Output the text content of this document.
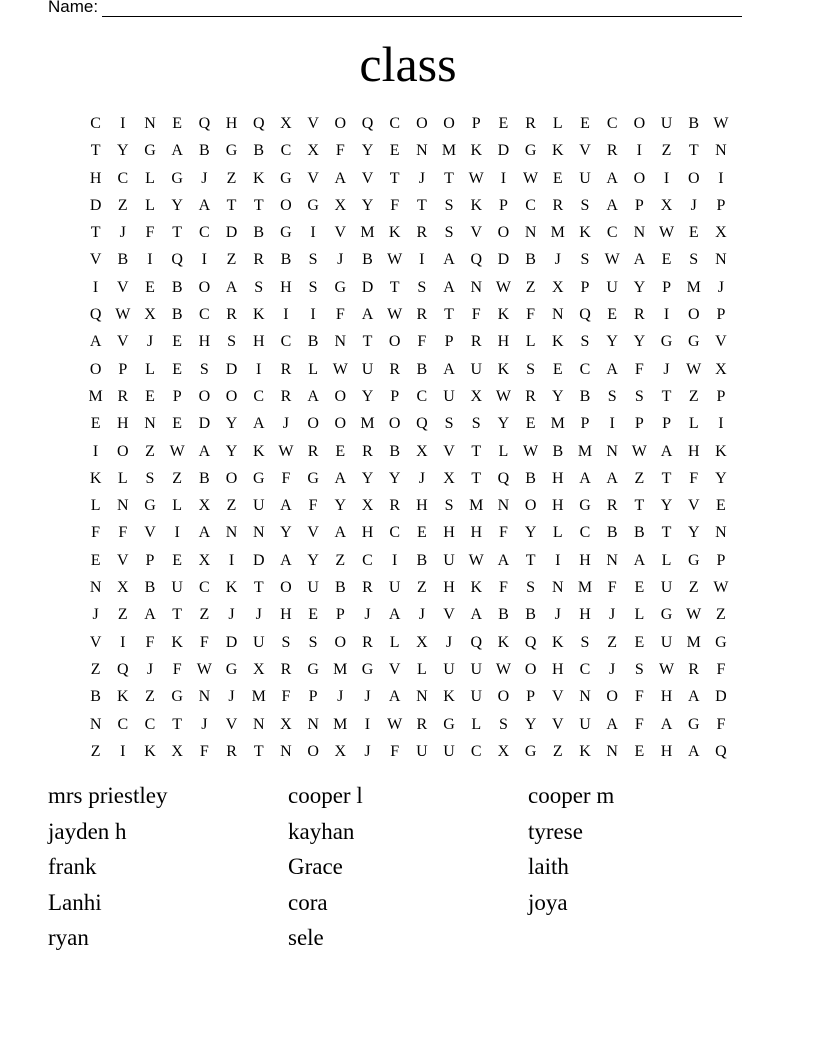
Name:
class
C	I	N	E	Q H Q X V O Q	C	O O	P	E	R	L	E	C	O U	B W
T	Y G A	B	G	B	C	X	F	Y	E	N M K D G K V	R	I	Z	T	N
H	C	L	G	J	Z	K G V A V	T	J	T W	I	W E	U A O	I	O	I
D	Z	L	Y A	T	T	O G X Y	F	T	S	K	P	C	R	S	A	P	X	J	P
T	J	F	T	C	D	B	G	I	V M K	R	S	V O N M K	C	N W E	X
V	B	I	Q	I	Z	R	B	S	J	B W	I	A Q D	B	J	S W A	E	S	N
I	V	E	B	O A	S	H	S	G D	T	S	A N W Z	X	P	U Y	P M	J
Q W X	B	C	R	K	I	I	F	A W R	T	F	K	F	N Q	E	R	I	O	P
A V	J	E	H	S	H	C	B	N	T	O	F	P	R	H	L	K	S	Y Y G G V
O	P	L	E	S	D	I	R	L W U	R	B	A U K	S	E	C	A	F	J	W X
M R	E	P	O O	C	R	A O Y	P	C	U X W R	Y	B	S	S	T	Z	P
E	H N	E	D Y A	J	O O M O Q	S	S	Y	E M P	I	P	P	L	I
I	O	Z W A Y K W R	E	R	B	X V	T	L W B M N W A H K
K	L	S	Z	B	O G	F	G A Y Y	J	X	T	Q	B	H A A	Z	T	F	Y
L	N G	L	X	Z	U A	F	Y X	R	H	S M N O H G	R	T	Y V	E
F	F	V	I	A N N Y V A H	C	E	H H	F	Y	L	C	B	B	T	Y N
E	V	P	E	X	I	D A Y	Z	C	I	B	U W A	T	I	H N A	L	G	P
N X	B	U	C	K	T	O U	B	R	U	Z	H K	F	S	N M F	E	U	Z W
J	Z	A	T	Z	J	J	H	E	P	J	A	J	V A	B	B	J	H	J	L	G W Z
V	I	F	K	F	D U	S	S	O	R	L	X	J	Q K Q K	S	Z	E	U M G
Z	Q	J	F W G X	R	G M G V	L	U U W O H	C	J	S W R	F
B	K	Z	G N	J	M F	P	J	J	A N K U O	P	V N O	F	H A D
N	C	C	T	J	V N X N M	I	W R	G	L	S	Y V U A	F	A G	F
Z	I	K X	F	R	T	N O X	J	F	U U	C	X G	Z	K N	E	H A Q
mrs priestley	cooper l	cooper m
jayden h	kayhan	tyrese
frank	Grace	laith
Lanhi	cora	joya
ryan	sele
